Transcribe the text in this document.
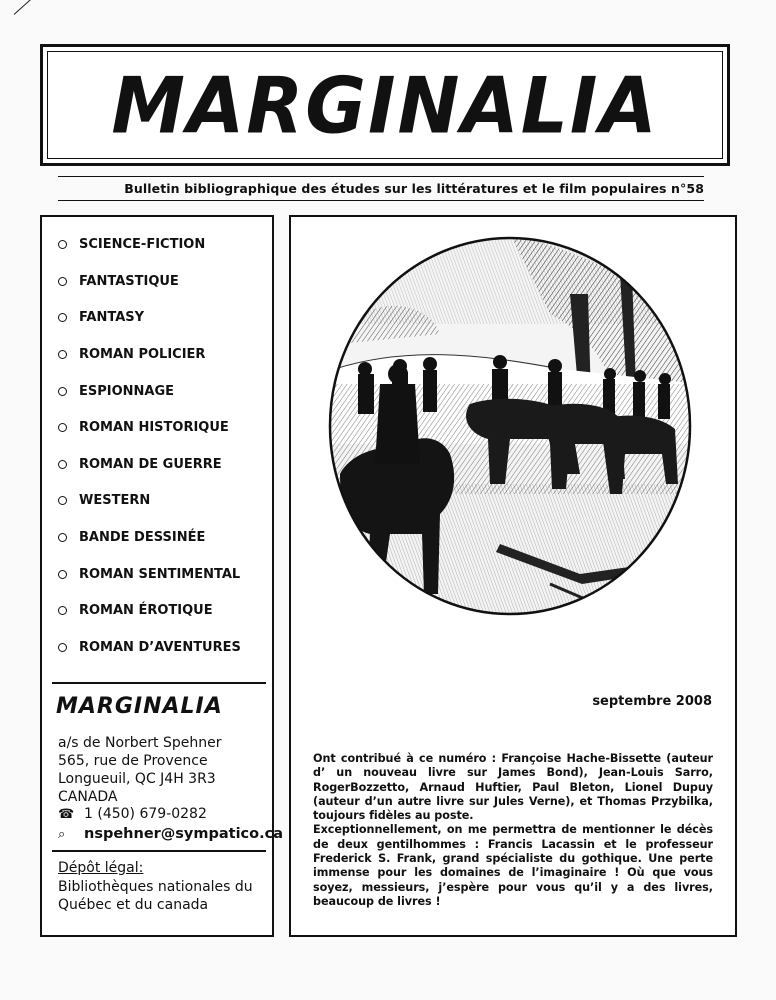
MARGINALIA
Bulletin bibliographique des études sur les littératures et le film populaires n°58
SCIENCE-FICTION
FANTASTIQUE
FANTASY
ROMAN POLICIER
ESPIONNAGE
ROMAN HISTORIQUE
ROMAN DE GUERRE
WESTERN
BANDE DESSINÉE
ROMAN SENTIMENTAL
ROMAN ÉROTIQUE
ROMAN D’AVENTURES
MARGINALIA
a/s de Norbert Spehner
565, rue de Provence
Longueuil, QC J4H 3R3
CANADA
☎ 1 (450) 679-0282
⌕	nspehner@sympatico.ca
Dépôt légal:
Bibliothèques nationales du
Québec et du canada
septembre 2008

Ont contribué à ce numéro : Françoise Hache-Bissette (auteur d’ un nouveau livre sur James Bond), Jean-Louis Sarro, RogerBozzetto, Arnaud Huftier, Paul Bleton, Lionel Dupuy (auteur d’un autre livre sur Jules Verne), et Thomas Przybilka, toujours fidèles au poste.

Exceptionnellement, on me permettra de mentionner le décès de deux gentilhommes : Francis Lacassin et le professeur Frederick S. Frank, grand spécialiste du gothique. Une perte immense pour les domaines de l’imaginaire ! Où que vous soyez, messieurs, j’espère pour vous qu’il y a des livres, beaucoup de livres !
